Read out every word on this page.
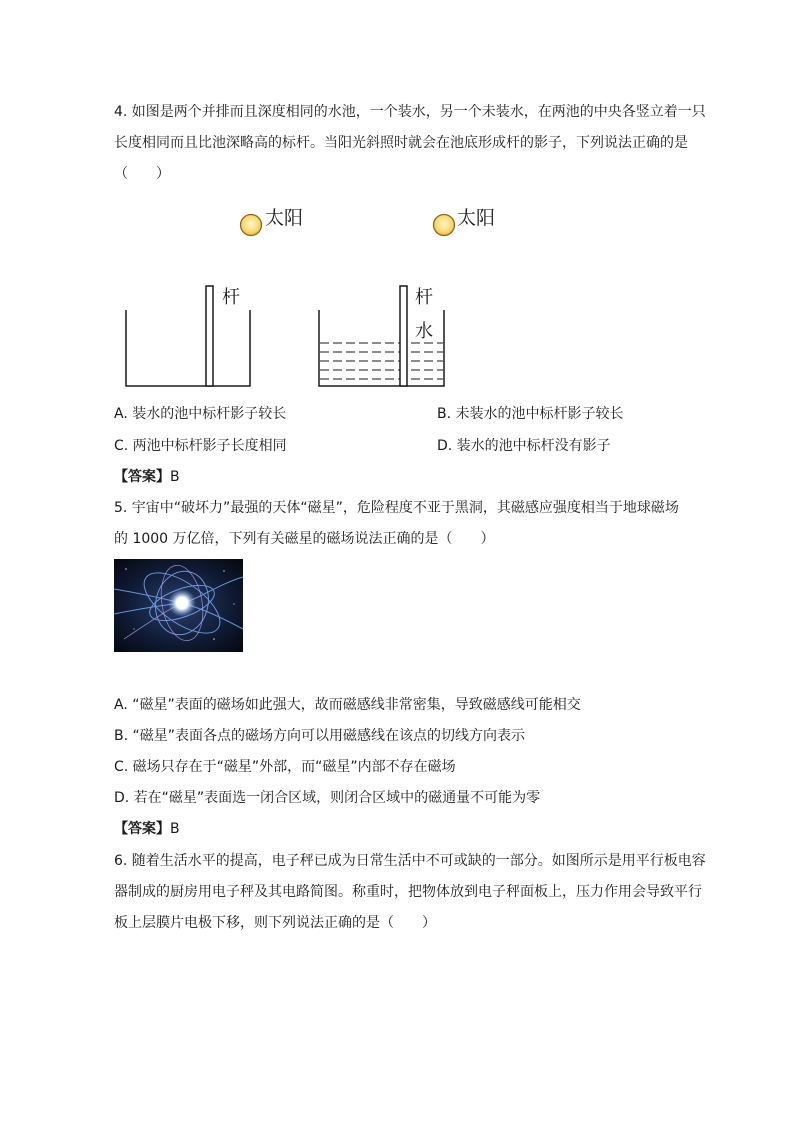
4. 如图是两个并排而且深度相同的水池，一个装水，另一个未装水，在两池的中央各竖立着一只
长度相同而且比池深略高的标杆。当阳光斜照时就会在池底形成杆的影子，下列说法正确的是
（　　）
太阳	太阳
杆	杆
水
A. 装水的池中标杆影子较长	B. 未装水的池中标杆影子较长
C. 两池中标杆影子长度相同	D. 装水的池中标杆没有影子
【答案】B
5. 宇宙中“破坏力”最强的天体“磁星”，危险程度不亚于黑洞，其磁感应强度相当于地球磁场
的 1000 万亿倍，下列有关磁星的磁场说法正确的是（　　）
A. “磁星”表面的磁场如此强大，故而磁感线非常密集，导致磁感线可能相交
B. “磁星”表面各点的磁场方向可以用磁感线在该点的切线方向表示
C. 磁场只存在于“磁星”外部，而“磁星”内部不存在磁场
D. 若在“磁星”表面选一闭合区域，则闭合区域中的磁通量不可能为零
【答案】B
6. 随着生活水平的提高，电子秤已成为日常生活中不可或缺的一部分。如图所示是用平行板电容
器制成的厨房用电子秤及其电路简图。称重时，把物体放到电子秤面板上，压力作用会导致平行
板上层膜片电极下移，则下列说法正确的是（　　）
